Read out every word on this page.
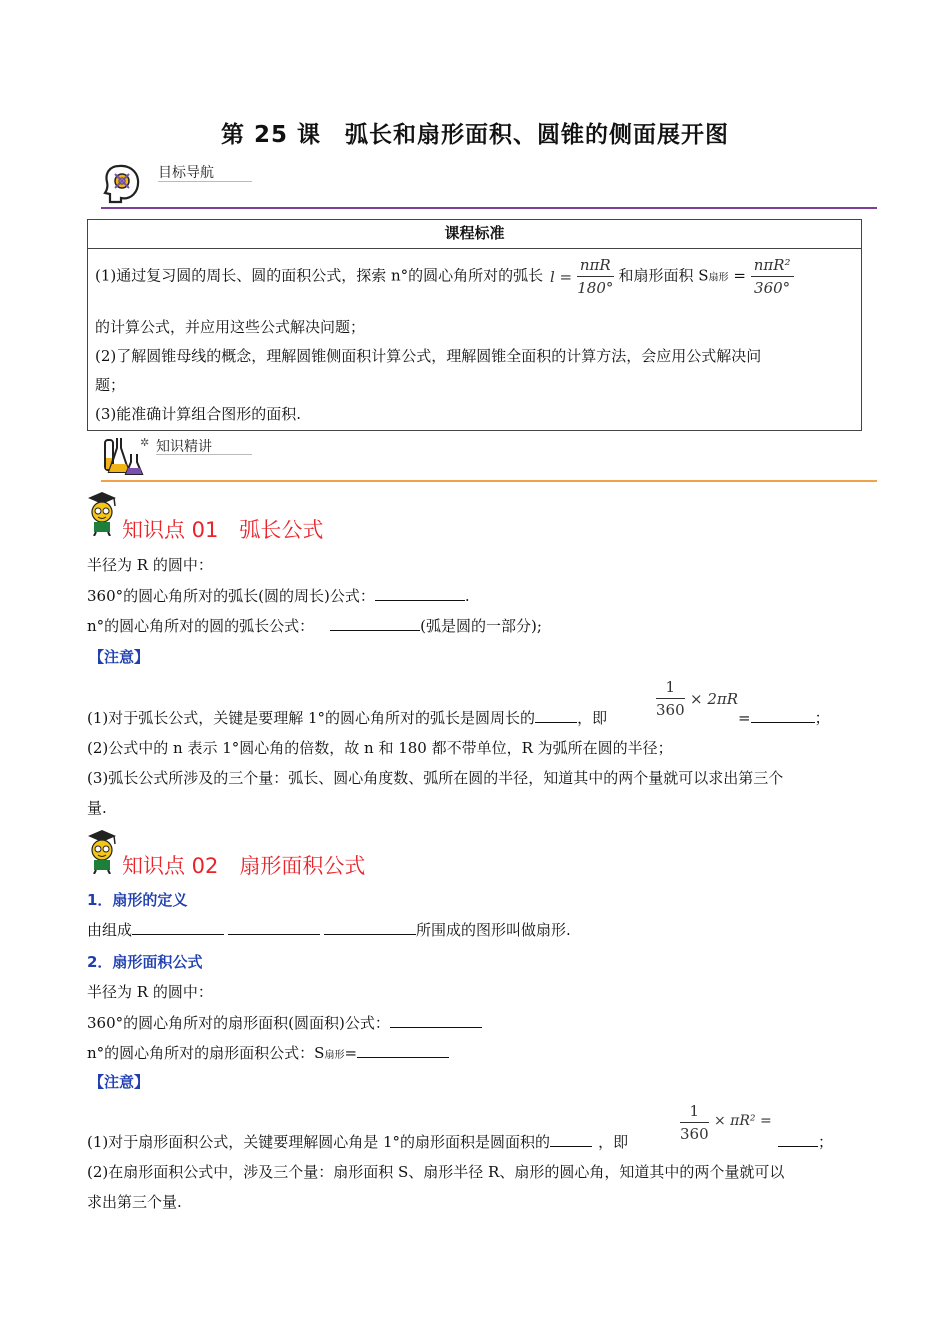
第 25 课　弧长和扇形面积、圆锥的侧面展开图
目标导航
课程标准
(1)通过复习圆的周长、圆的面积公式，探索 n°的圆心角所对的弧长 $l = \frac{\text{nπR}}{180^\circ}$ 和扇形面积 S扇形 = $\frac{\text{nπR²}}{360^\circ}$
的计算公式，并应用这些公式解决问题；
(2)了解圆锥母线的概念，理解圆锥侧面积计算公式，理解圆锥全面积的计算方法，会应用公式解决问
题；
(3)能准确计算组合图形的面积.
✲ 知识精讲
知识点 01　弧长公式
半径为 R 的圆中：
360°的圆心角所对的弧长(圆的周长)公式：	.
n°的圆心角所对的圆的弧长公式：	(弧是圆的一部分);
【注意】
(1)对于弧长公式，关键是要理解 1°的圆心角所对的弧长是圆周长的	，即	$\frac{1}{360} \times 2\pi R$
=	；
(2)公式中的 n 表示 1°圆心角的倍数，故 n 和 180 都不带单位，R 为弧所在圆的半径；
(3)弧长公式所涉及的三个量：弧长、圆心角度数、弧所在圆的半径，知道其中的两个量就可以求出第三个
量.
知识点 02　扇形面积公式
1．扇形的定义
由组成	所围成的图形叫做扇形.
2．扇形面积公式
半径为 R 的圆中：
360°的圆心角所对的扇形面积(圆面积)公式：
n°的圆心角所对的扇形面积公式：S扇形=
【注意】
(1)对于扇形面积公式，关键要理解圆心角是 1°的扇形面积是圆面积的	，即	$\frac{1}{360} \times \pi R^2$ =
；
(2)在扇形面积公式中，涉及三个量：扇形面积 S、扇形半径 R、扇形的圆心角，知道其中的两个量就可以
求出第三个量.
